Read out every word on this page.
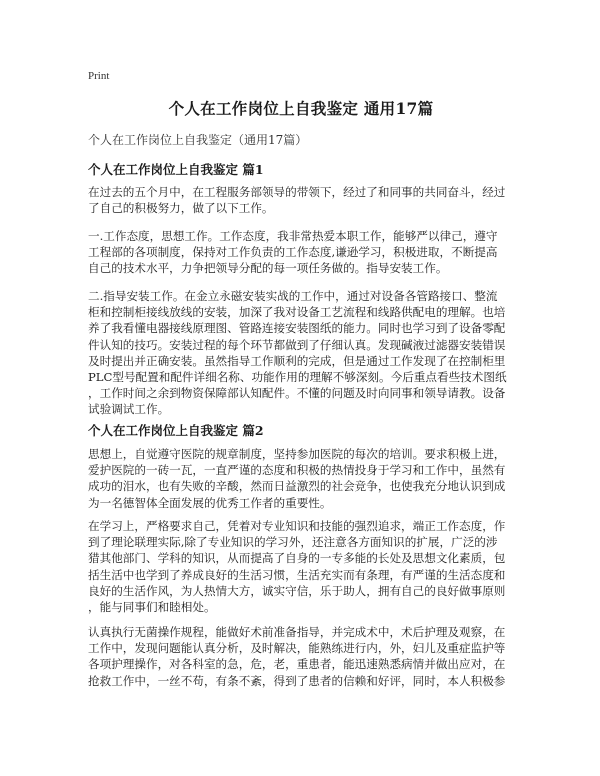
Print
个人在工作岗位上自我鉴定 通用17篇
个人在工作岗位上自我鉴定（通用17篇）
个人在工作岗位上自我鉴定 篇1
在过去的五个月中，在工程服务部领导的带领下，经过了和同事的共同奋斗，经过
了自己的积极努力，做了以下工作。
一.工作态度，思想工作。工作态度，我非常热爱本职工作，能够严以律己，遵守
工程部的各项制度，保持对工作负责的工作态度,谦逊学习，积极进取，不断提高
自己的技术水平，力争把领导分配的每一项任务做的。指导安装工作。
二.指导安装工作。在金立永磁安装实战的工作中，通过对设备各管路接口、整流
柜和控制柜接线放线的安装，加深了我对设备工艺流程和线路供配电的理解。也培
养了我看懂电器接线原理图、管路连接安装图纸的能力。同时也学习到了设备零配
件认知的技巧。安装过程的每个环节都做到了仔细认真。发现碱液过滤器安装错误
及时提出并正确安装。虽然指导工作顺利的完成，但是通过工作发现了在控制柜里
PLC型号配置和配件详细名称、功能作用的理解不够深刻。今后重点看些技术图纸
，工作时间之余到物资保障部认知配件。不懂的问题及时向同事和领导请教。设备
试验调试工作。
个人在工作岗位上自我鉴定 篇2
思想上，自觉遵守医院的规章制度，坚持参加医院的每次的培训。要求积极上进，
爱护医院的一砖一瓦，一直严谨的态度和积极的热情投身于学习和工作中，虽然有
成功的泪水，也有失败的辛酸，然而日益激烈的社会竞争，也使我充分地认识到成
为一名德智体全面发展的优秀工作者的重要性。
在学习上，严格要求自己，凭着对专业知识和技能的强烈追求，端正工作态度，作
到了理论联理实际,除了专业知识的学习外，还注意各方面知识的扩展，广泛的涉
猎其他部门、学科的知识，从而提高了自身的一专多能的长处及思想文化素质，包
括生活中也学到了养成良好的生活习惯，生活充实而有条理，有严谨的生活态度和
良好的生活作风，为人热情大方，诚实守信，乐于助人，拥有自己的良好做事原则
，能与同事们和睦相处。
认真执行无菌操作规程，能做好术前准备指导，并完成术中，术后护理及观察，在
工作中，发现问题能认真分析，及时解决，能熟练进行内，外，妇儿及重症监护等
各项护理操作，对各科室的急，危，老，重患者，能迅速熟悉病情并做出应对，在
抢救工作中，一丝不苟，有条不紊，得到了患者的信赖和好评，同时，本人积极参
